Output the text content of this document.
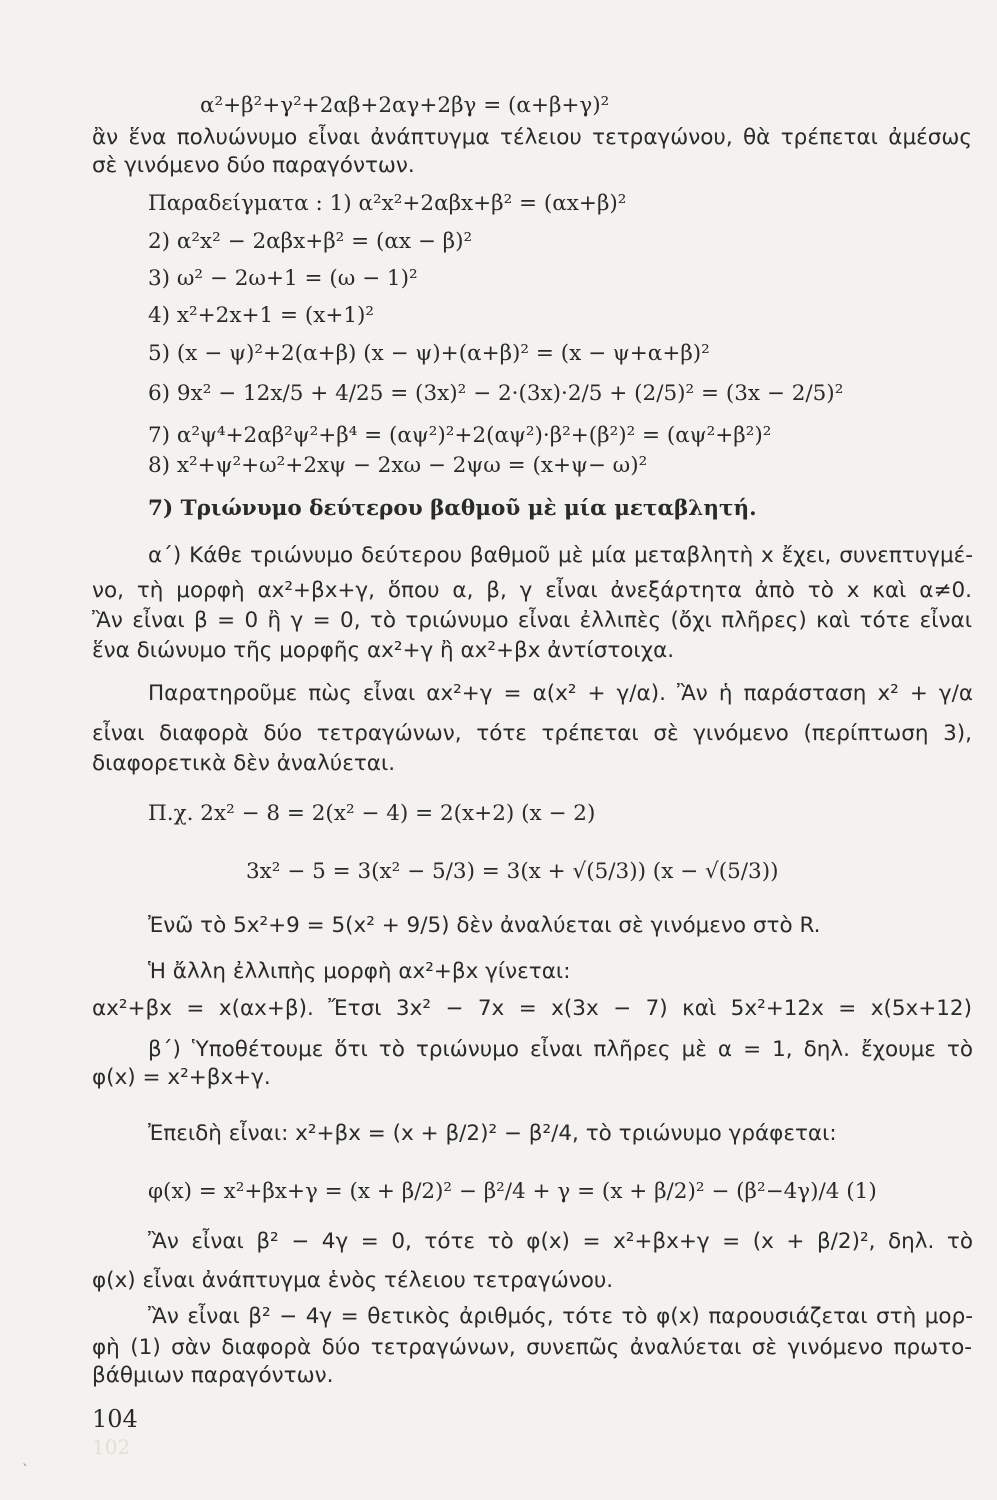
α²+β²+γ²+2αβ+2αγ+2βγ = (α+β+γ)²
ἂν ἕνα πολυώνυμο εἶναι ἀνάπτυγμα τέλειου τετραγώνου, θὰ τρέπεται ἀμέσως
σὲ γινόμενο δύο παραγόντων.
Παραδείγματα : 1) α²x²+2αβx+β² = (αx+β)²
2) α²x² − 2αβx+β² = (αx − β)²
3) ω² − 2ω+1 = (ω − 1)²
4) x²+2x+1 = (x+1)²
5) (x − ψ)²+2(α+β) (x − ψ)+(α+β)² = (x − ψ+α+β)²
6) 9x² − 12x/5 + 4/25 = (3x)² − 2·(3x)·2/5 + (2/5)² = (3x − 2/5)²
7) α²ψ⁴+2αβ²ψ²+β⁴ = (αψ²)²+2(αψ²)·β²+(β²)² = (αψ²+β²)²
8) x²+ψ²+ω²+2xψ − 2xω − 2ψω = (x+ψ− ω)²
7) Τριώνυμο δεύτερου βαθμοῦ μὲ μία μεταβλητή.
α΄) Κάθε τριώνυμο δεύτερου βαθμοῦ μὲ μία μεταβλητὴ x ἔχει, συνεπτυγμέ-
νο, τὴ μορφὴ αx²+βx+γ, ὅπου α, β, γ εἶναι ἀνεξάρτητα ἀπὸ τὸ x καὶ α≠0.
Ἂν εἶναι β = 0 ἢ γ = 0, τὸ τριώνυμο εἶναι ἐλλιπὲς (ὄχι πλῆρες) καὶ τότε εἶναι
ἕνα διώνυμο τῆς μορφῆς αx²+γ ἢ αx²+βx ἀντίστοιχα.
Παρατηροῦμε πὼς εἶναι αx²+γ = α(x² + γ/α). Ἂν ἡ παράσταση x² + γ/α
εἶναι διαφορὰ δύο τετραγώνων, τότε τρέπεται σὲ γινόμενο (περίπτωση 3),
διαφορετικὰ δὲν ἀναλύεται.
Π.χ. 2x² − 8 = 2(x² − 4) = 2(x+2) (x − 2)
3x² − 5 = 3(x² − 5/3) = 3(x + √(5/3)) (x − √(5/3))
Ἐνῶ τὸ 5x²+9 = 5(x² + 9/5) δὲν ἀναλύεται σὲ γινόμενο στὸ R.
Ἡ ἄλλη ἐλλιπὴς μορφὴ αx²+βx γίνεται:
αx²+βx = x(αx+β). Ἔτσι 3x² − 7x = x(3x − 7) καὶ 5x²+12x = x(5x+12)
β΄) Ὑποθέτουμε ὅτι τὸ τριώνυμο εἶναι πλῆρες μὲ α = 1, δηλ. ἔχουμε τὸ
φ(x) = x²+βx+γ.
Ἐπειδὴ εἶναι: x²+βx = (x + β/2)² − β²/4, τὸ τριώνυμο γράφεται:
φ(x) = x²+βx+γ = (x + β/2)² − β²/4 + γ = (x + β/2)² − (β²−4γ)/4 (1)
Ἂν εἶναι β² − 4γ = 0, τότε τὸ φ(x) = x²+βx+γ = (x + β/2)², δηλ. τὸ
φ(x) εἶναι ἀνάπτυγμα ἑνὸς τέλειου τετραγώνου.
Ἂν εἶναι β² − 4γ = θετικὸς ἀριθμός, τότε τὸ φ(x) παρουσιάζεται στὴ μορ-
φὴ (1) σὰν διαφορὰ δύο τετραγώνων, συνεπῶς ἀναλύεται σὲ γινόμενο πρωτο-
βάθμιων παραγόντων.
104
102
`
